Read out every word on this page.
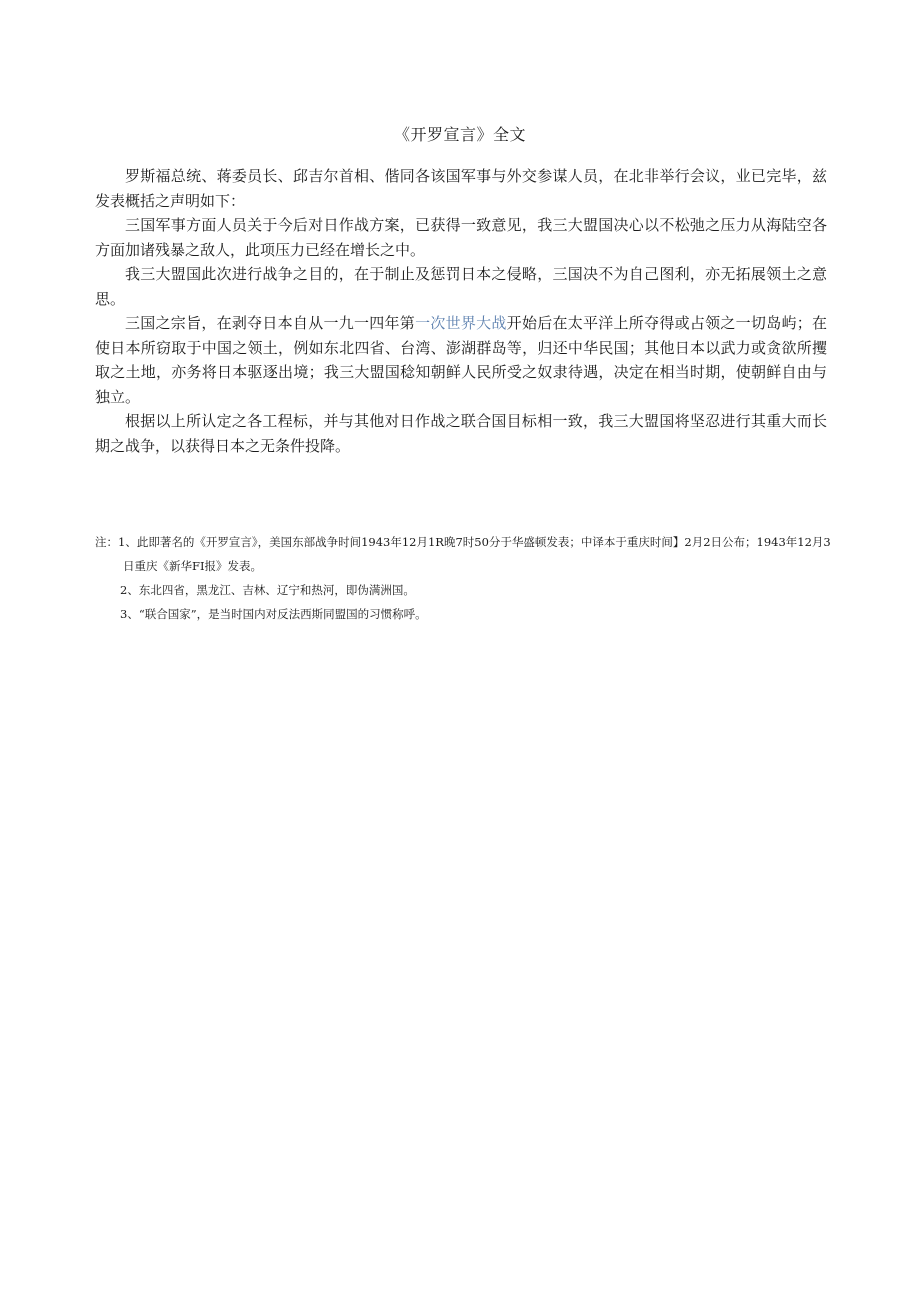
《开罗宣言》全文

罗斯福总统、蒋委员长、邱吉尔首相、偕同各该国军事与外交参谋人员，在北非举行会议，业已完毕，兹发表概括之声明如下：

三国军事方面人员关于今后对日作战方案，已获得一致意见，我三大盟国决心以不松弛之压力从海陆空各方面加诸残暴之敌人，此项压力已经在增长之中。

我三大盟国此次进行战争之目的，在于制止及惩罚日本之侵略，三国决不为自己图利，亦无拓展领土之意思。

三国之宗旨，在剥夺日本自从一九一四年第一次世界大战开始后在太平洋上所夺得或占领之一切岛屿；在使日本所窃取于中国之领土，例如东北四省、台湾、澎湖群岛等，归还中华民国；其他日本以武力或贪欲所攫取之土地，亦务将日本驱逐出境；我三大盟国稔知朝鲜人民所受之奴隶待遇，决定在相当时期，使朝鲜自由与独立。

根据以上所认定之各工程标，并与其他对日作战之联合国目标相一致，我三大盟国将坚忍进行其重大而长期之战争，以获得日本之无条件投降。

注：1、此即著名的《开罗宣言》，美国东部战争时间1943年12月1R晚7时50分于华盛顿发表；中译本于重庆时间】2月2日公布；1943年12月3日重庆《新华FI报》发表。

2、东北四省，黑龙江、吉林、辽宁和热河，即伪满洲国。

3、“联合国家”，是当时国内对反法西斯同盟国的习惯称呼。
